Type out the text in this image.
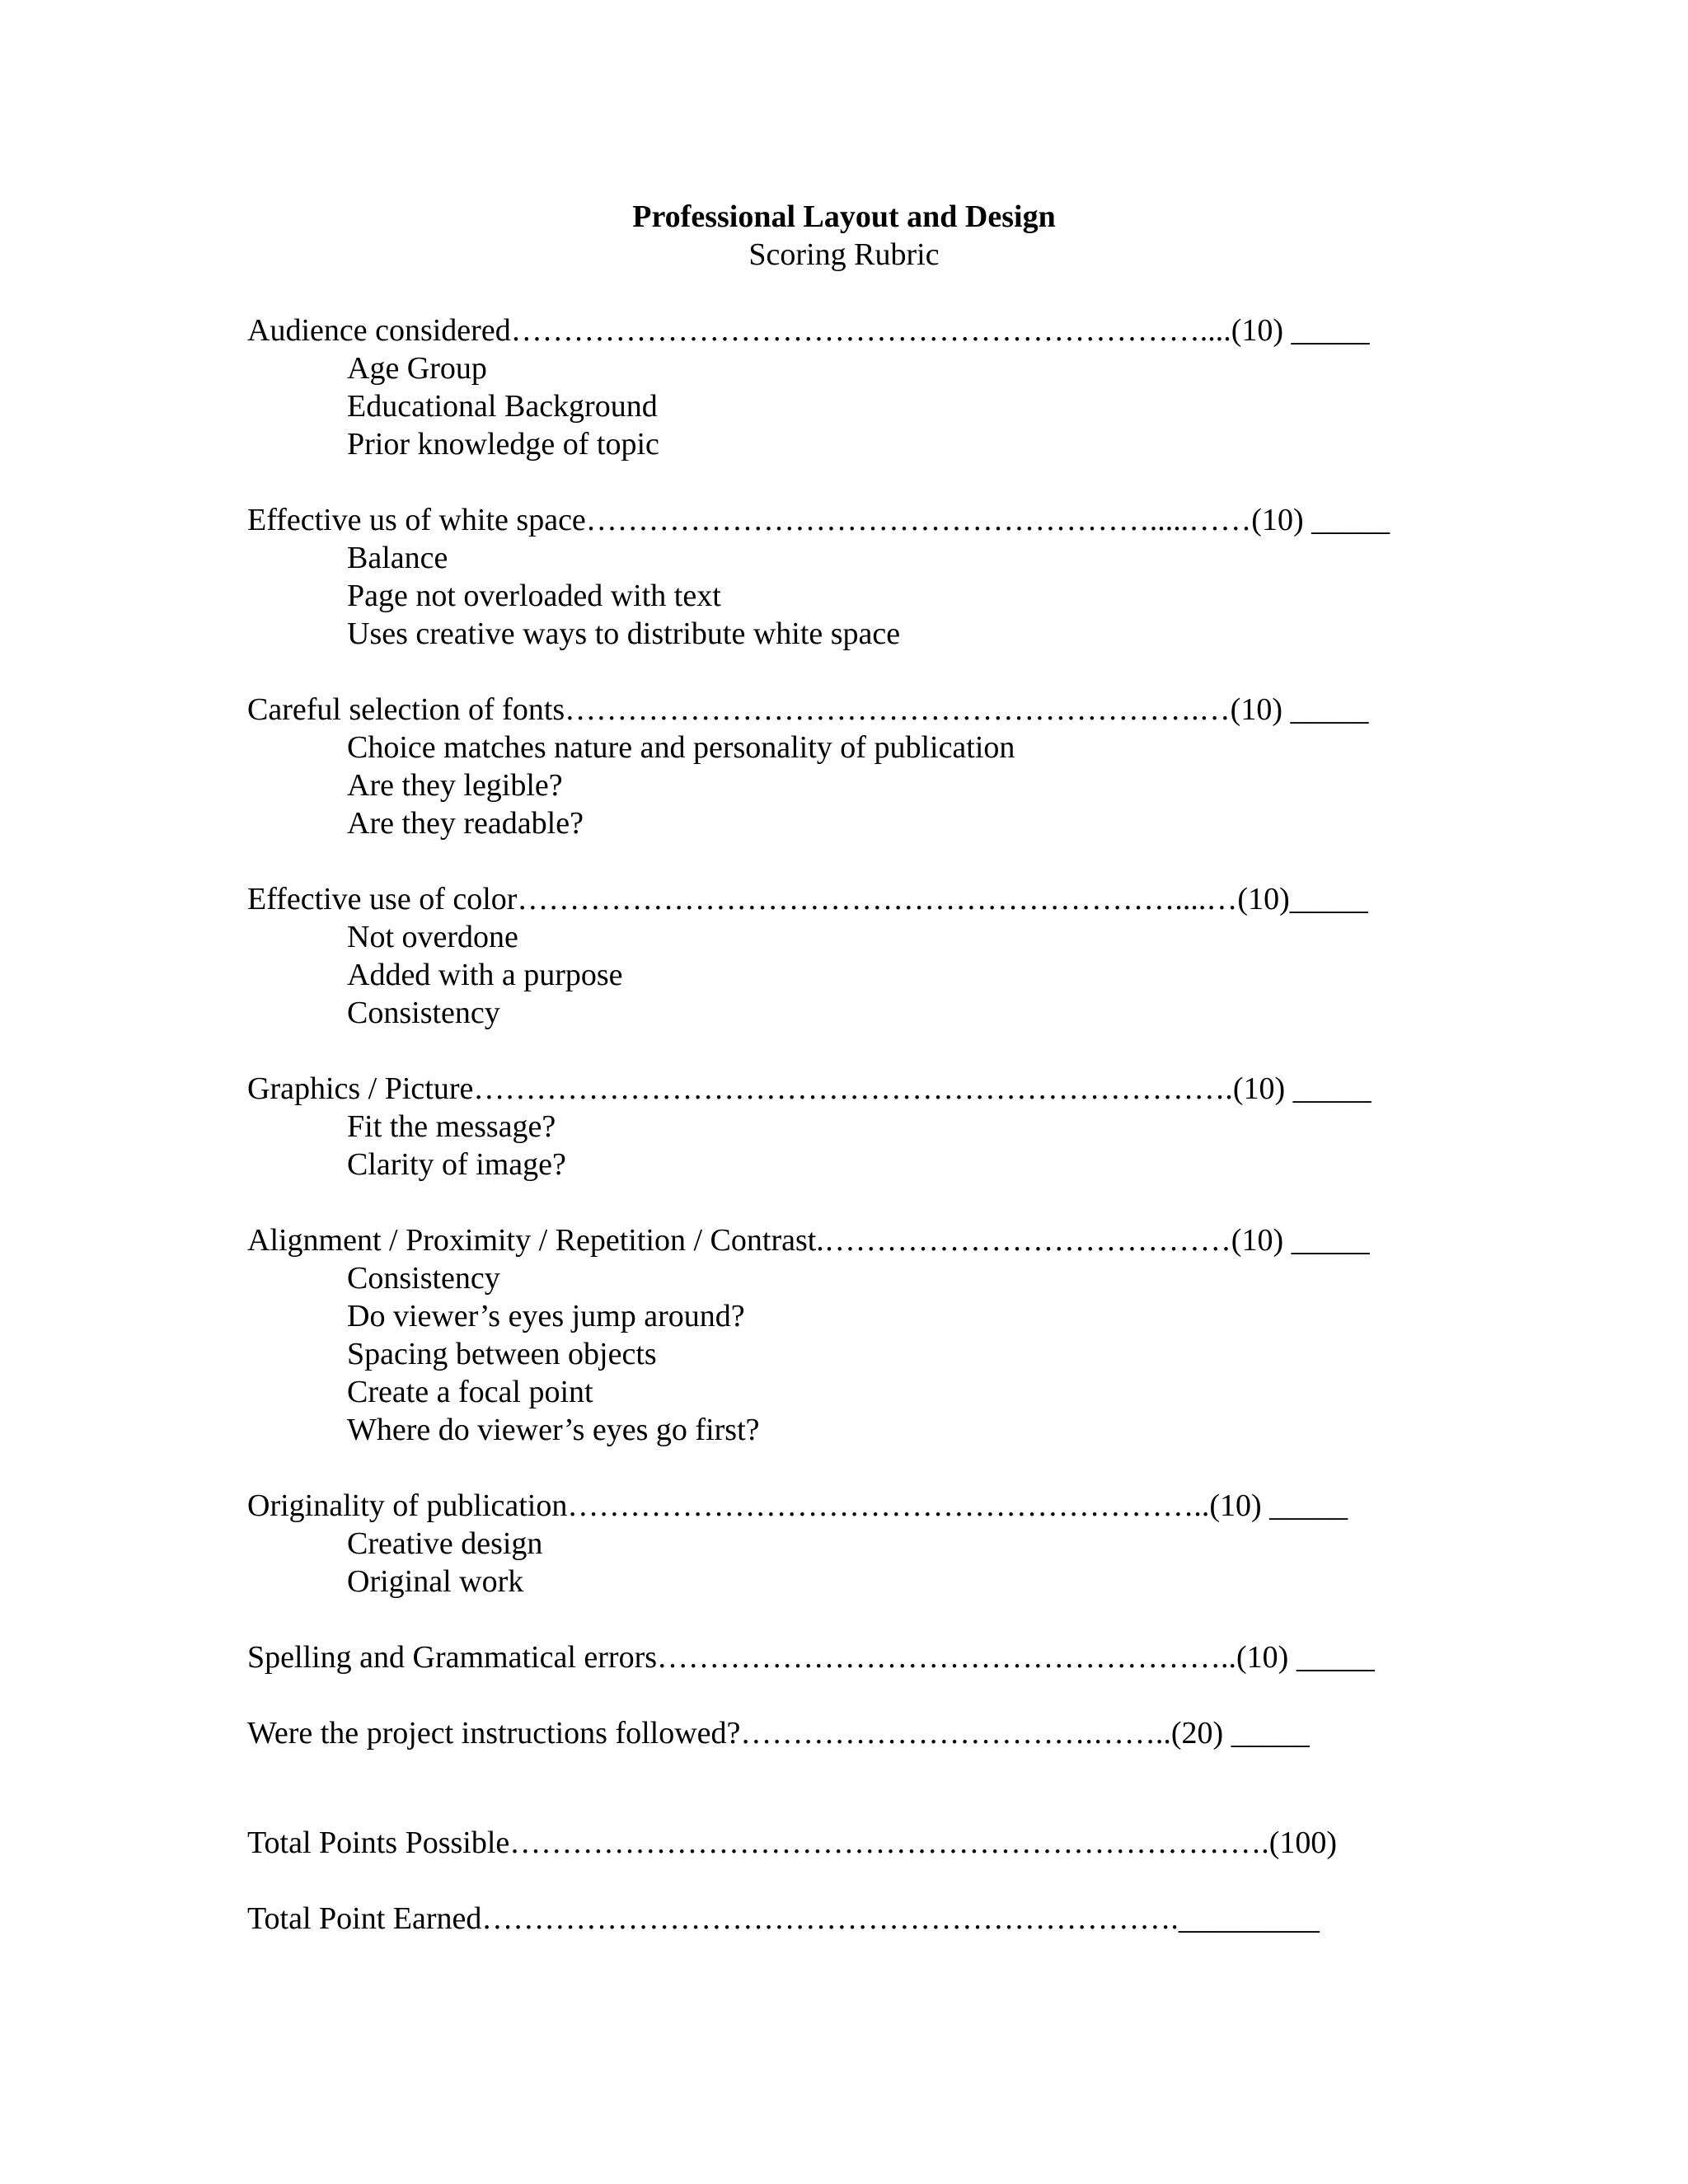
Professional Layout and Design

Scoring Rubric

Audience considered…………………………………………………………....(10) _____

Age Group
Educational Background
Prior knowledge of topic

Effective us of white space……………………………………………….....……(10) _____

Balance
Page not overloaded with text
Uses creative ways to distribute white space

Careful selection of fonts…………………………………………………….…(10) _____

Choice matches nature and personality of publication
Are they legible?
Are they readable?

Effective use of color………………………………………………………....…(10)_____

Not overdone
Added with a purpose
Consistency

Graphics / Picture……………………………………………………………….(10) _____

Fit the message?
Clarity of image?

Alignment / Proximity / Repetition / Contrast.…………………………………(10) _____

Consistency
Do viewer’s eyes jump around?
Spacing between objects
Create a focal point
Where do viewer’s eyes go first?

Originality of publication……………………………………………………..(10) _____

Creative design
Original work

Spelling and Grammatical errors………………………………………………..(10) _____

Were the project instructions followed?…………………………….……..(20) _____

Total Points Possible……………………………………………………………….(100)

Total Point Earned…………………………………………………………._________
